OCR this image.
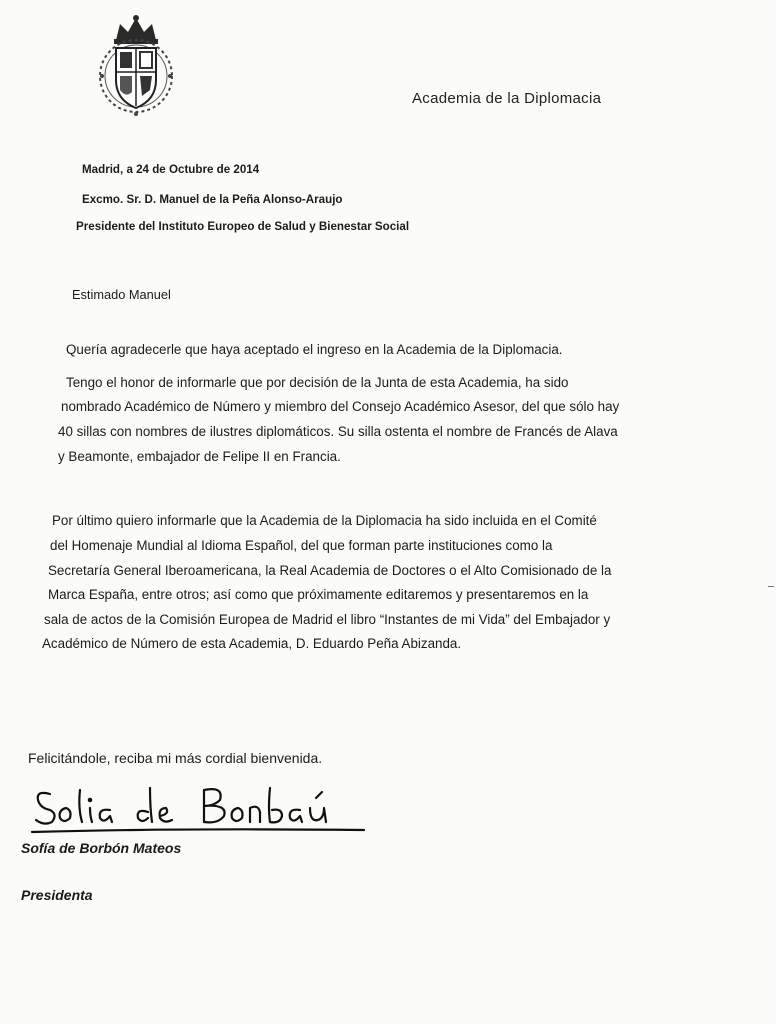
Academia de la Diplomacia
Madrid, a 24 de Octubre de 2014
Excmo. Sr. D. Manuel de la Peña Alonso-Araujo
Presidente del Instituto Europeo de Salud y Bienestar Social
Estimado Manuel
Quería agradecerle que haya aceptado el ingreso en la Academia de la Diplomacia.
Tengo el honor de informarle que por decisión de la Junta de esta Academia, ha sido
nombrado Académico de Número y miembro del Consejo Académico Asesor, del que sólo hay
40 sillas con nombres de ilustres diplomáticos. Su silla ostenta el nombre de Francés de Alava
y Beamonte, embajador de Felipe II en Francia.
Por último quiero informarle que la Academia de la Diplomacia ha sido incluida en el Comité
del Homenaje Mundial al Idioma Español, del que forman parte instituciones como la
Secretaría General Iberoamericana, la Real Academia de Doctores o el Alto Comisionado de la
Marca España, entre otros; así como que próximamente editaremos y presentaremos en la
sala de actos de la Comisión Europea de Madrid el libro “Instantes de mi Vida” del Embajador y
Académico de Número de esta Academia, D. Eduardo Peña Abizanda.
Felicitándole, reciba mi más cordial bienvenida.
Sofía de Borbón Mateos
Presidenta
